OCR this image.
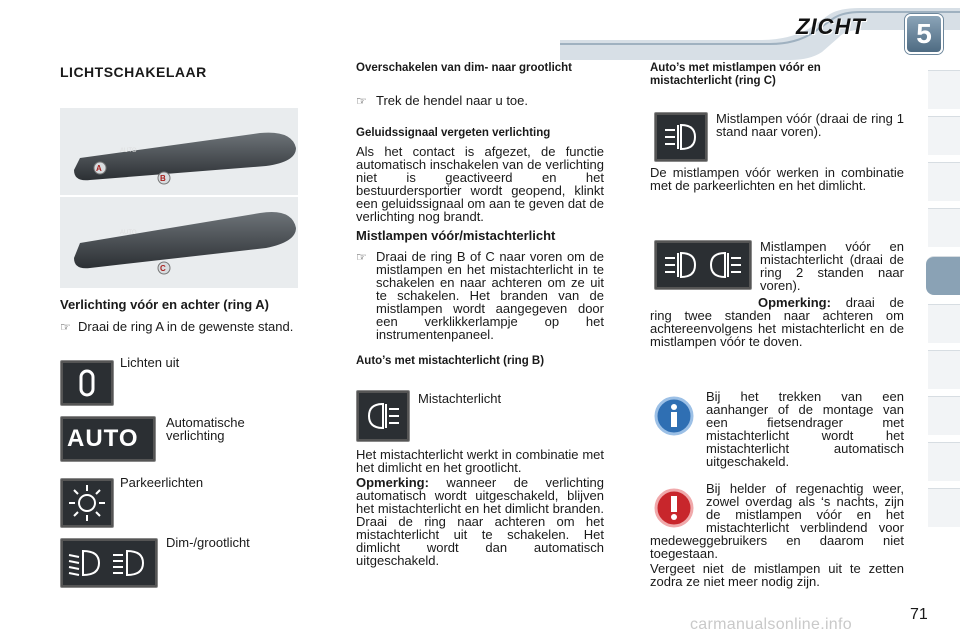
ZICHT	5
LICHTSCHAKELAAR
AUTO
AUTO
A
B
C
Verlichting vóór en achter (ring A)
☞ Draai de ring A in de gewenste stand.
Lichten uit
AUTO
Automatische verlichting
Parkeerlichten
Dim-/grootlicht
Overschakelen van dim- naar grootlicht
☞ Trek de hendel naar u toe.
Geluidssignaal vergeten verlichting
Als het contact is afgezet, de functie automatisch inschakelen van de verlichting niet is geactiveerd en het bestuurdersportier wordt geopend, klinkt een geluidssignaal om aan te geven dat de verlichting nog brandt.
Mistlampen vóór/mistachterlicht
☞ Draai de ring B of C naar voren om de mistlampen en het mistachterlicht in te schakelen en naar achteren om ze uit te schakelen. Het branden van de mistlampen wordt aangegeven door een verklikkerlampje op het instrumentenpaneel.
Auto’s met mistachterlicht (ring B)
Mistachterlicht
Het mistachterlicht werkt in combinatie met het dimlicht en het grootlicht.
Opmerking: wanneer de verlichting automatisch wordt uitgeschakeld, blijven het mistachterlicht en het dimlicht branden. Draai de ring naar achteren om het mistachterlicht uit te schakelen. Het dimlicht wordt dan automatisch uitgeschakeld.
Auto’s met mistlampen vóór en mistachterlicht (ring C)
Mistlampen vóór (draai de ring 1 stand naar voren).
De mistlampen vóór werken in combinatie met de parkeerlichten en het dimlicht.
Mistlampen vóór en mistachterlicht (draai de ring 2 standen naar voren).
Opmerking: draai de ring twee standen naar achteren om achtereenvolgens het mistachterlicht en de mistlampen vóór te doven.
Bij het trekken van een aanhanger of de montage van een fietsendrager met mistachterlicht wordt het mistachterlicht automatisch uitgeschakeld.
Bij helder of regenachtig weer, zowel overdag als ‘s nachts, zijn de mistlampen vóór en het mistachterlicht verblindend voor medeweggebruikers en daarom niet toegestaan.
Vergeet niet de mistlampen uit te zetten zodra ze niet meer nodig zijn.
carmanualsonline.info
71
